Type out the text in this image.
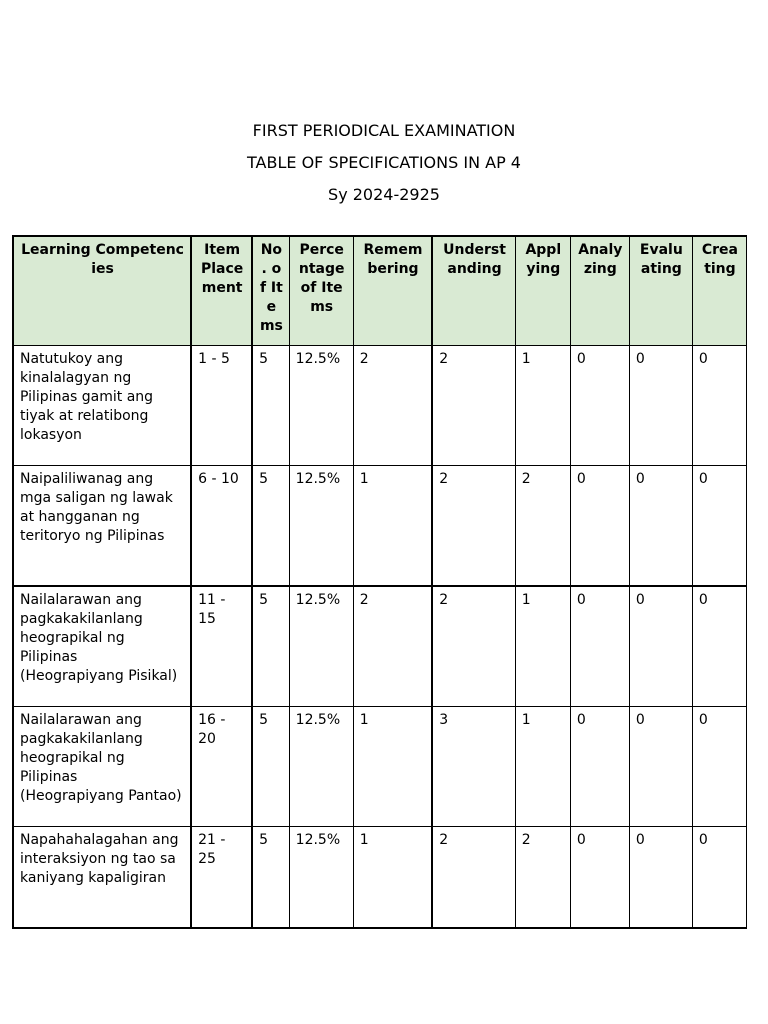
FIRST PERIODICAL EXAMINATION
TABLE OF SPECIFICATIONS IN AP 4
Sy 2024-2925
Learning Competencies	Item Place ment	No . of Ite ms	Perce ntage of Items	Remem bering	Underst anding	Appl ying	Analy zing	Evalu ating	Crea ting
Natutukoy ang kinalalagyan ng Pilipinas gamit ang tiyak at relatibong lokasyon	1 - 5	5	12.5%	2	2	1	0	0	0
Naipaliliwanag ang mga saligan ng lawak at hangganan ng teritoryo ng Pilipinas	6 - 10	5	12.5%	1	2	2	0	0	0
Nailalarawan ang pagkakakilanlang heograpikal ng Pilipinas (Heograpiyang Pisikal)	11 - 15	5	12.5%	2	2	1	0	0	0
Nailalarawan ang pagkakakilanlang heograpikal ng Pilipinas (Heograpiyang Pantao)	16 - 20	5	12.5%	1	3	1	0	0	0
Napahahalagahan ang interaksiyon ng tao sa kaniyang kapaligiran	21 - 25	5	12.5%	1	2	2	0	0	0
